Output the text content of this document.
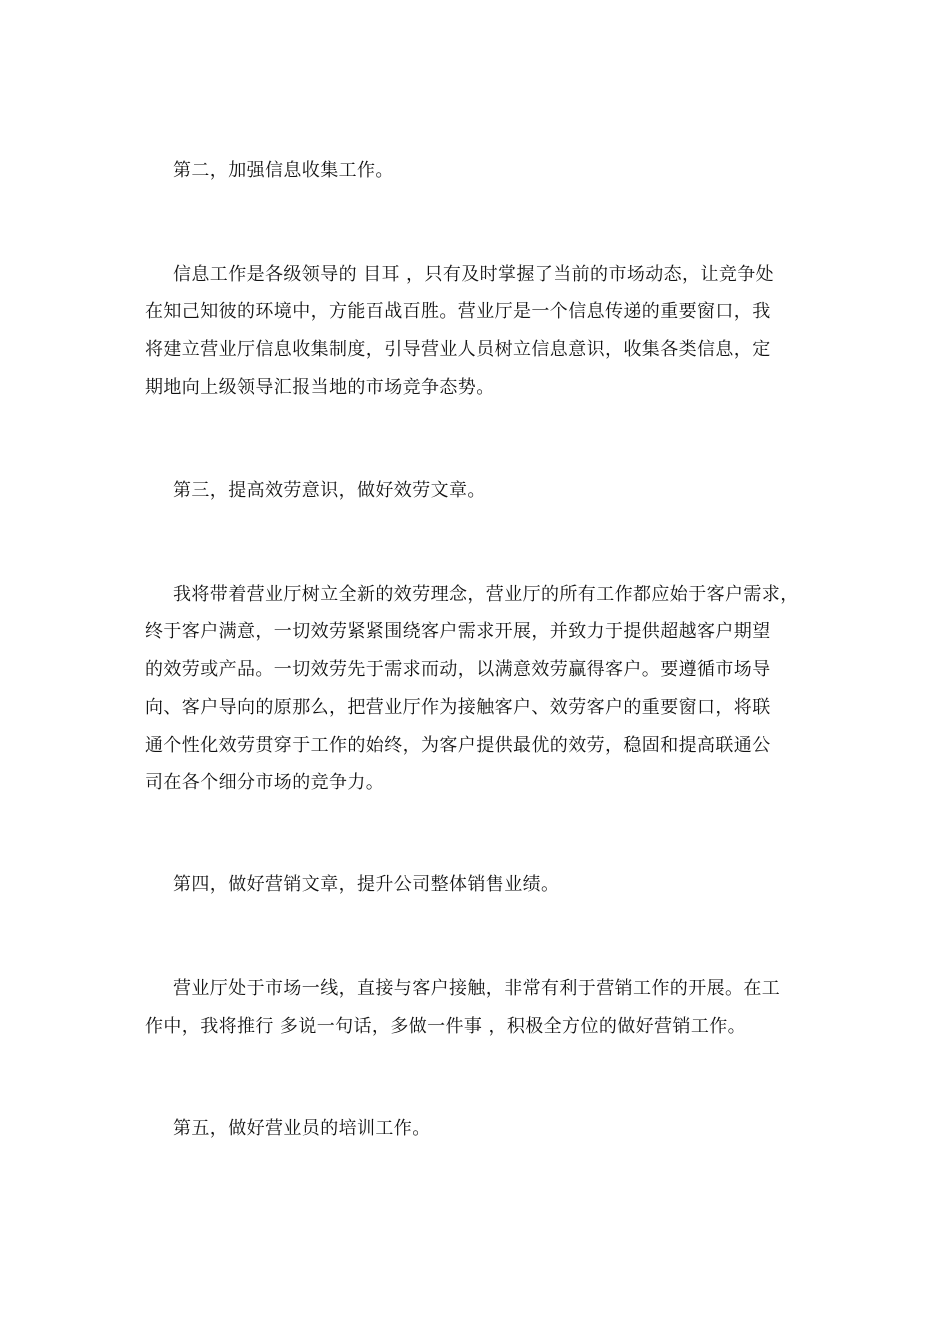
第二，加强信息收集工作。
信息工作是各级领导的 目耳 ，只有及时掌握了当前的市场动态，让竞争处
在知己知彼的环境中，方能百战百胜。营业厅是一个信息传递的重要窗口，我
将建立营业厅信息收集制度，引导营业人员树立信息意识，收集各类信息，定
期地向上级领导汇报当地的市场竞争态势。
第三，提高效劳意识，做好效劳文章。
我将带着营业厅树立全新的效劳理念，营业厅的所有工作都应始于客户需求，
终于客户满意，一切效劳紧紧围绕客户需求开展，并致力于提供超越客户期望
的效劳或产品。一切效劳先于需求而动，以满意效劳赢得客户。要遵循市场导
向、客户导向的原那么，把营业厅作为接触客户、效劳客户的重要窗口，将联
通个性化效劳贯穿于工作的始终，为客户提供最优的效劳，稳固和提高联通公
司在各个细分市场的竞争力。
第四，做好营销文章，提升公司整体销售业绩。
营业厅处于市场一线，直接与客户接触，非常有利于营销工作的开展。在工
作中，我将推行 多说一句话，多做一件事 ，积极全方位的做好营销工作。
第五，做好营业员的培训工作。
